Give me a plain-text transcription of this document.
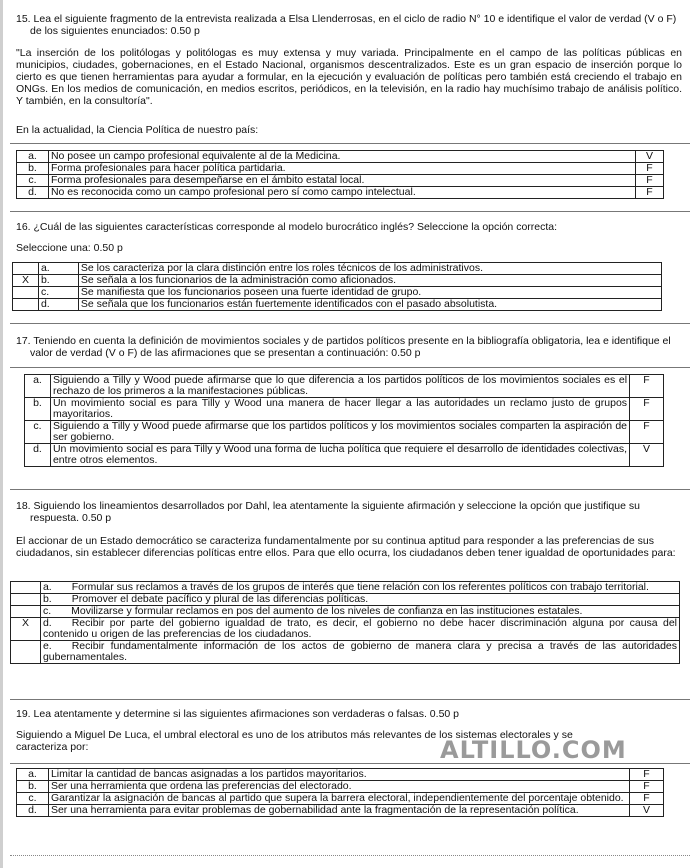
15. Lea el siguiente fragmento de la entrevista realizada a Elsa Llenderrosas, en el ciclo de radio N° 10 e identifique el valor de verdad (V o F) de los siguientes enunciados: 0.50 p
"La inserción de los politólogas y politólogas es muy extensa y muy variada. Principalmente en el campo de las políticas públicas en municipios, ciudades, gobernaciones, en el Estado Nacional, organismos descentralizados. Este es un gran espacio de inserción porque lo cierto es que tienen herramientas para ayudar a formular, en la ejecución y evaluación de políticas pero también está creciendo el trabajo en ONGs. En los medios de comunicación, en medios escritos, periódicos, en la televisión, en la radio hay muchísimo trabajo de análisis político. Y también, en la consultoría".
En la actualidad, la Ciencia Política de nuestro país:
a.	No posee un campo profesional equivalente al de la Medicina.	V
b.	Forma profesionales para hacer política partidaria.	F
c.	Forma profesionales para desempeñarse en el ámbito estatal local.	F
d.	No es reconocida como un campo profesional pero sí como campo intelectual.	F
16. ¿Cuál de las siguientes características corresponde al modelo burocrático inglés? Seleccione la opción correcta:
Seleccione una: 0.50 p
	a.	Se los caracteriza por la clara distinción entre los roles técnicos de los administrativos.
X	b.	Se señala a los funcionarios de la administración como aficionados.
	c.	Se manifiesta que los funcionarios poseen una fuerte identidad de grupo.
	d.	Se señala que los funcionarios están fuertemente identificados con el pasado absolutista.
17. Teniendo en cuenta la definición de movimientos sociales y de partidos políticos presente en la bibliografía obligatoria, lea e identifique el valor de verdad (V o F) de las afirmaciones que se presentan a continuación: 0.50 p
a.	Siguiendo a Tilly y Wood puede afirmarse que lo que diferencia a los partidos políticos de los movimientos sociales es el rechazo de los primeros a la manifestaciones públicas.	F
b.	Un movimiento social es para Tilly y Wood una manera de hacer llegar a las autoridades un reclamo justo de grupos mayoritarios.	F
c.	Siguiendo a Tilly y Wood puede afirmarse que los partidos políticos y los movimientos sociales comparten la aspiración de ser gobierno.	F
d.	Un movimiento social es para Tilly y Wood una forma de lucha política que requiere el desarrollo de identidades colectivas, entre otros elementos.	V
18. Siguiendo los lineamientos desarrollados por Dahl, lea atentamente la siguiente afirmación y seleccione la opción que justifique su respuesta. 0.50 p
El accionar de un Estado democrático se caracteriza fundamentalmente por su continua aptitud para responder a las preferencias de sus ciudadanos, sin establecer diferencias políticas entre ellos. Para que ello ocurra, los ciudadanos deben tener igualdad de oportunidades para:
	a. Formular sus reclamos a través de los grupos de interés que tiene relación con los referentes políticos con trabajo territorial.
	b. Promover el debate pacífico y plural de las diferencias políticas.
	c. Movilizarse y formular reclamos en pos del aumento de los niveles de confianza en las instituciones estatales.
X	d. Recibir por parte del gobierno igualdad de trato, es decir, el gobierno no debe hacer discriminación alguna por causa del contenido u origen de las preferencias de los ciudadanos.
	e. Recibir fundamentalmente información de los actos de gobierno de manera clara y precisa a través de las autoridades gubernamentales.
19. Lea atentamente y determine si las siguientes afirmaciones son verdaderas o falsas. 0.50 p
Siguiendo a Miguel De Luca, el umbral electoral es uno de los atributos más relevantes de los sistemas electorales y se caracteriza por:	ALTILLO.COM
a.	Limitar la cantidad de bancas asignadas a los partidos mayoritarios.	F
b.	Ser una herramienta que ordena las preferencias del electorado.	F
c.	Garantizar la asignación de bancas al partido que supera la barrera electoral, independientemente del porcentaje obtenido.	F
d.	Ser una herramienta para evitar problemas de gobernabilidad ante la fragmentación de la representación política.	V
